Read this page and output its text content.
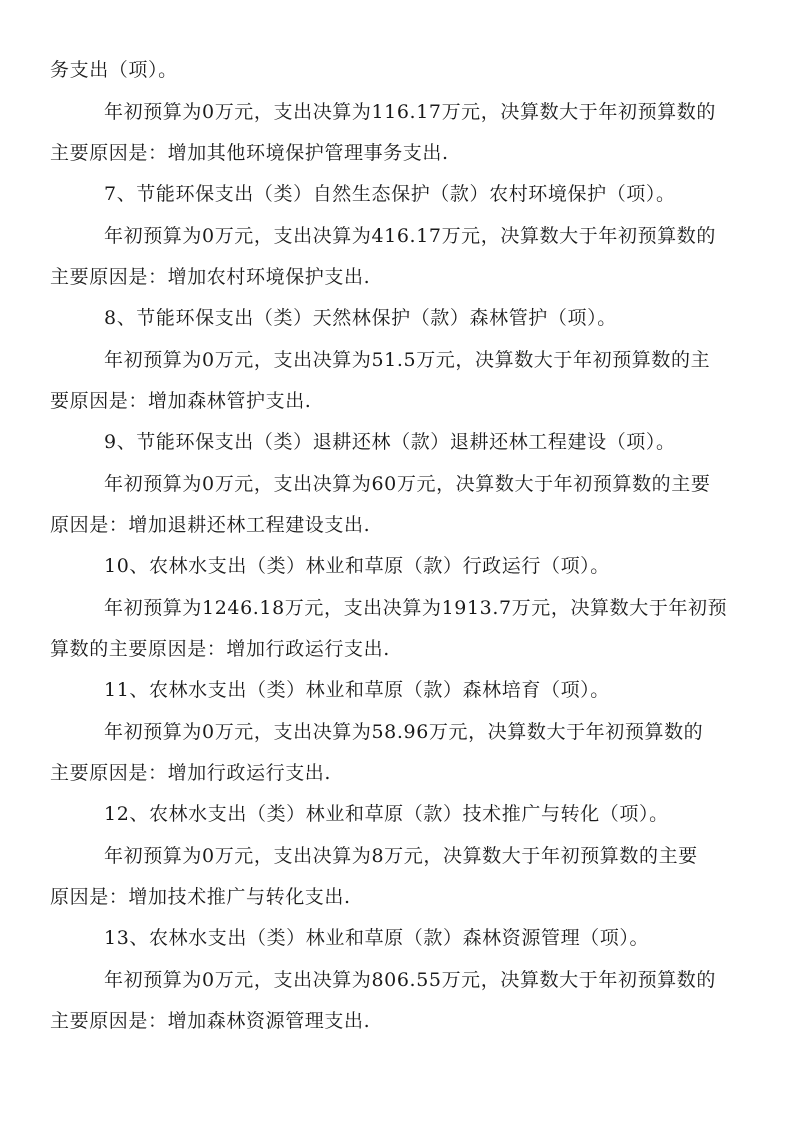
务支出（项）。
年初预算为0万元，支出决算为116.17万元，决算数大于年初预算数的
主要原因是：增加其他环境保护管理事务支出.
7、节能环保支出（类）自然生态保护（款）农村环境保护（项）。
年初预算为0万元，支出决算为416.17万元，决算数大于年初预算数的
主要原因是：增加农村环境保护支出.
8、节能环保支出（类）天然林保护（款）森林管护（项）。
年初预算为0万元，支出决算为51.5万元，决算数大于年初预算数的主
要原因是：增加森林管护支出.
9、节能环保支出（类）退耕还林（款）退耕还林工程建设（项）。
年初预算为0万元，支出决算为60万元，决算数大于年初预算数的主要
原因是：增加退耕还林工程建设支出.
10、农林水支出（类）林业和草原（款）行政运行（项）。
年初预算为1246.18万元，支出决算为1913.7万元，决算数大于年初预
算数的主要原因是：增加行政运行支出.
11、农林水支出（类）林业和草原（款）森林培育（项）。
年初预算为0万元，支出决算为58.96万元，决算数大于年初预算数的
主要原因是：增加行政运行支出.
12、农林水支出（类）林业和草原（款）技术推广与转化（项）。
年初预算为0万元，支出决算为8万元，决算数大于年初预算数的主要
原因是：增加技术推广与转化支出.
13、农林水支出（类）林业和草原（款）森林资源管理（项）。
年初预算为0万元，支出决算为806.55万元，决算数大于年初预算数的
主要原因是：增加森林资源管理支出.
